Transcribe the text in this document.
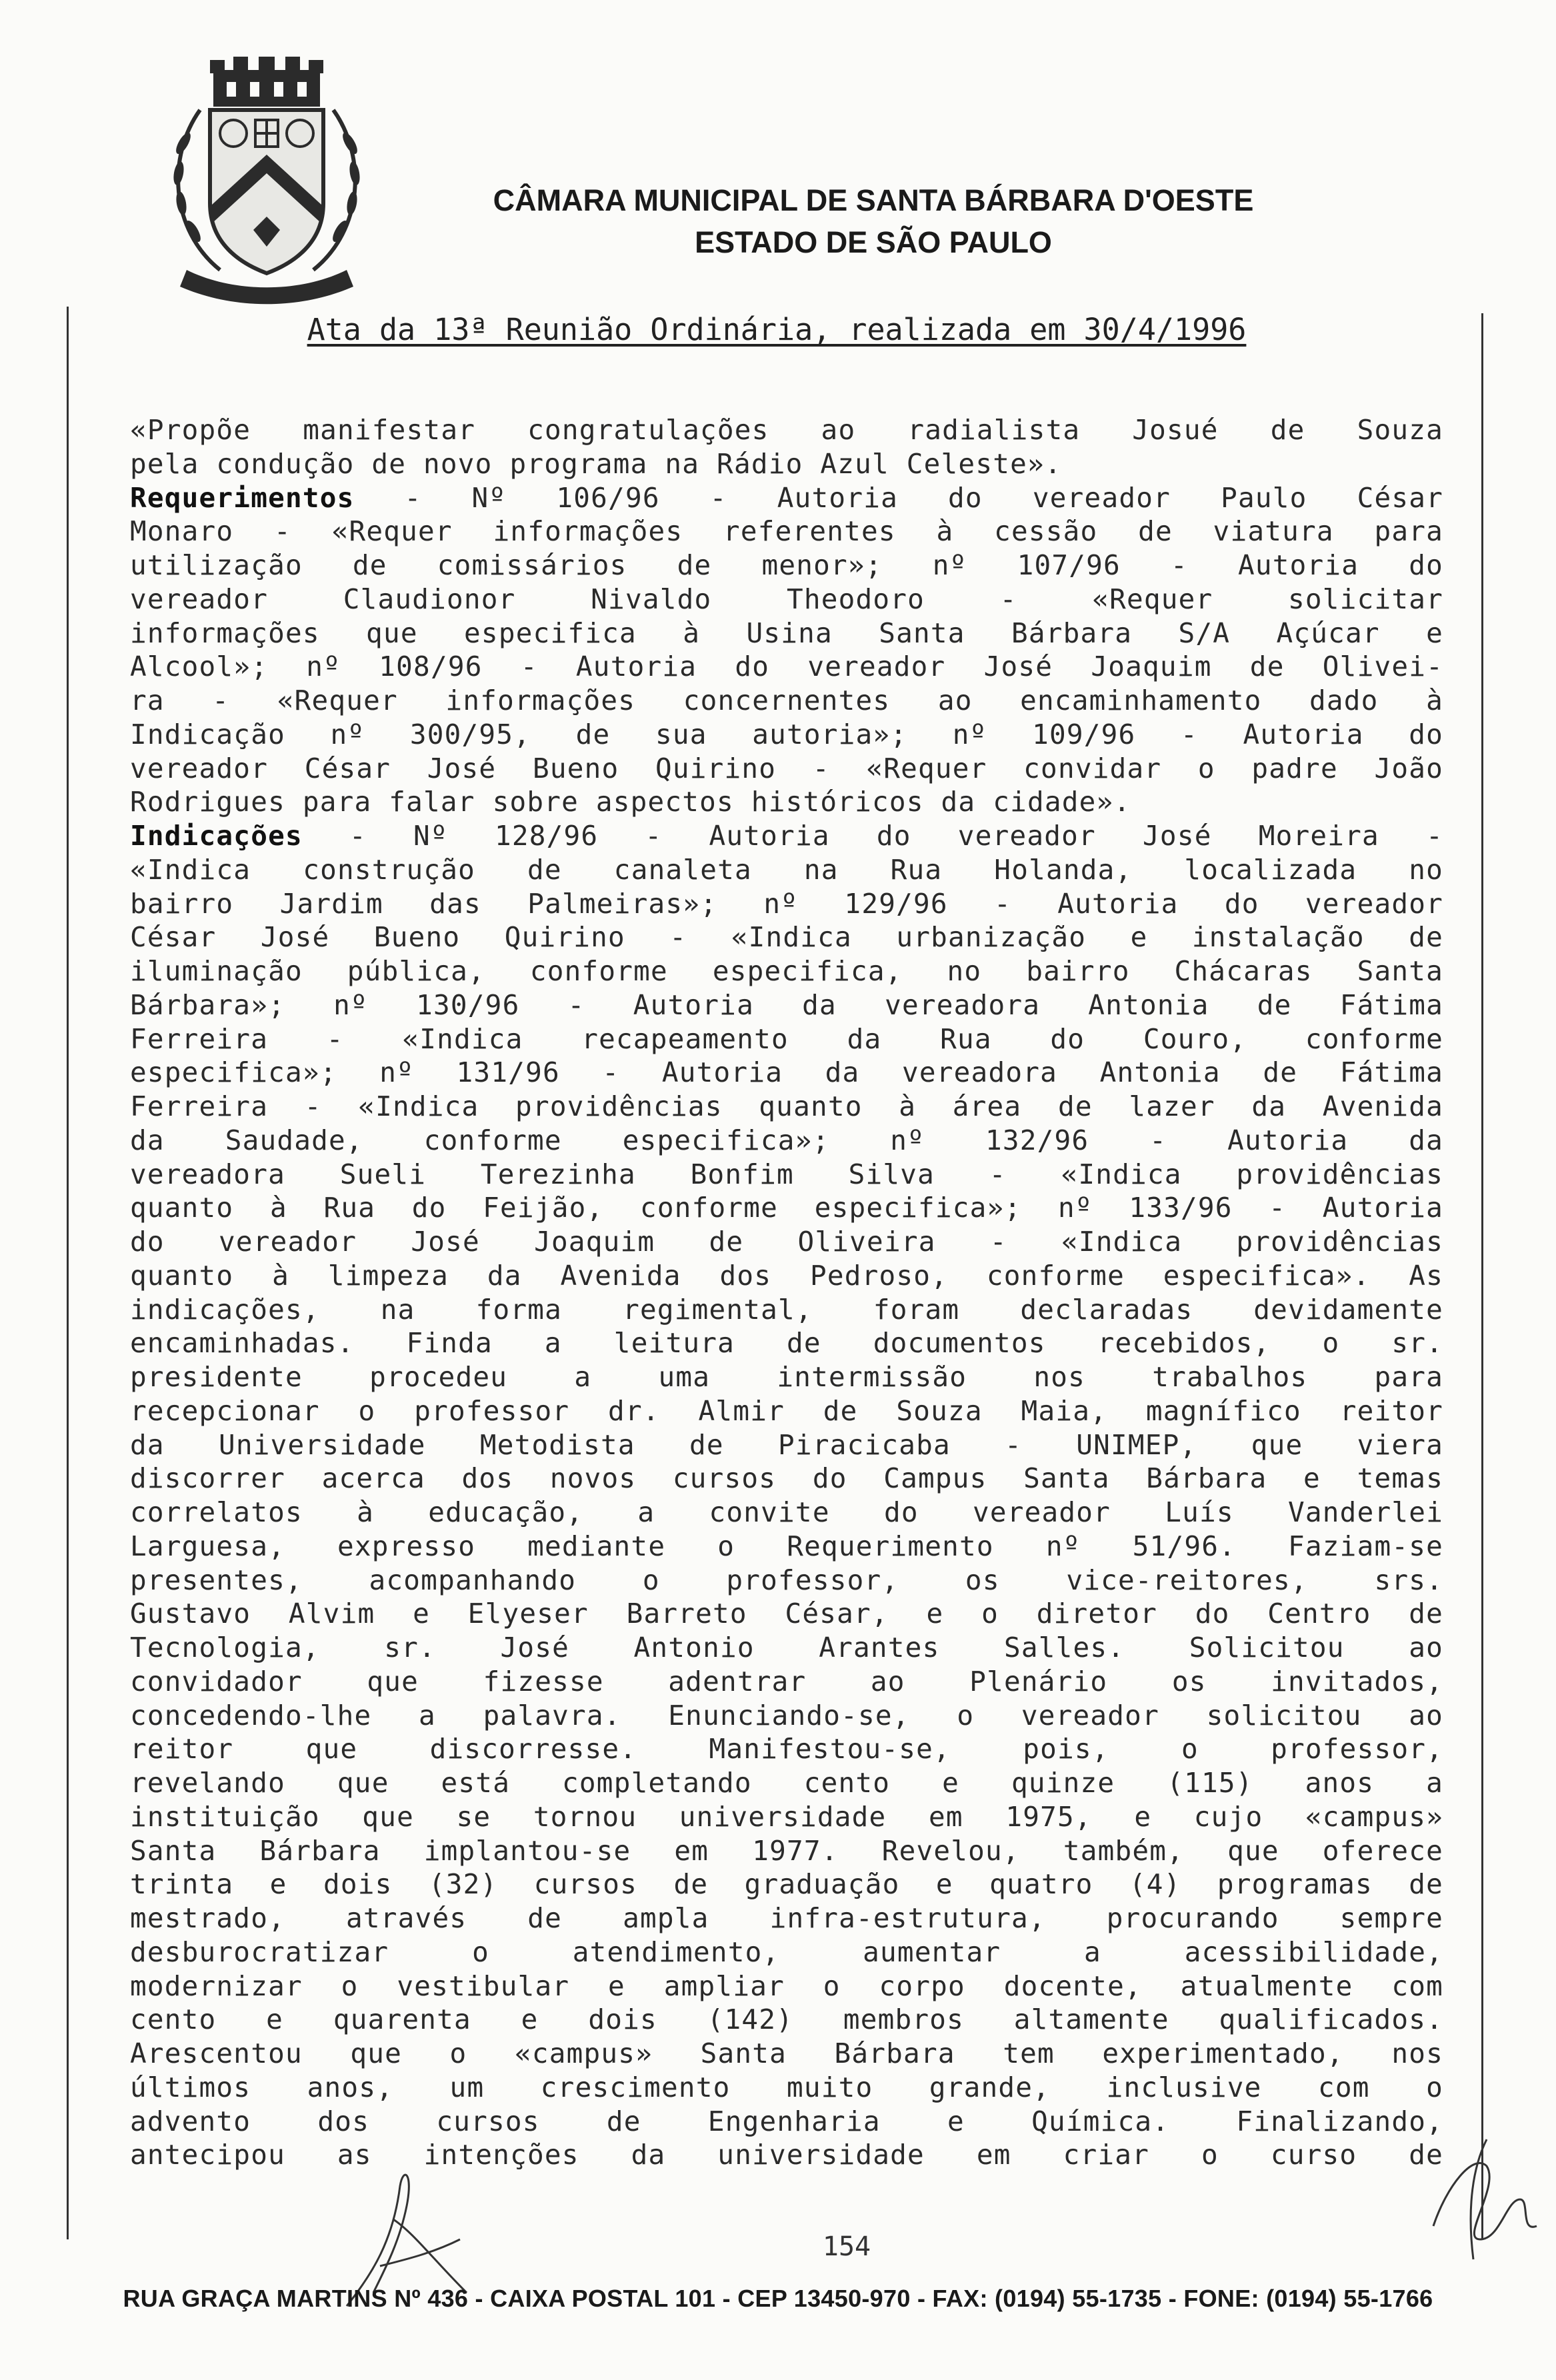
CÂMARA MUNICIPAL DE SANTA BÁRBARA D'OESTE
ESTADO DE SÃO PAULO
Ata da 13ª Reunião Ordinária, realizada em 30/4/1996
«Propõe manifestar congratulações ao radialista Josué de Souza
pela condução de novo programa na Rádio Azul Celeste».
Requerimentos - Nº 106/96 - Autoria do vereador Paulo César
Monaro - «Requer informações referentes à cessão de viatura para
utilização de comissários de menor»; nº 107/96 - Autoria do
vereador Claudionor Nivaldo Theodoro - «Requer solicitar
informações que especifica à Usina Santa Bárbara S/A Açúcar e
Alcool»; nº 108/96 - Autoria do vereador José Joaquim de Olivei-
ra - «Requer informações concernentes ao encaminhamento dado à
Indicação nº 300/95, de sua autoria»; nº 109/96 - Autoria do
vereador César José Bueno Quirino - «Requer convidar o padre João
Rodrigues para falar sobre aspectos históricos da cidade».
Indicações - Nº 128/96 - Autoria do vereador José Moreira -
«Indica construção de canaleta na Rua Holanda, localizada no
bairro Jardim das Palmeiras»; nº 129/96 - Autoria do vereador
César José Bueno Quirino - «Indica urbanização e instalação de
iluminação pública, conforme especifica, no bairro Chácaras Santa
Bárbara»; nº 130/96 - Autoria da vereadora Antonia de Fátima
Ferreira - «Indica recapeamento da Rua do Couro, conforme
especifica»; nº 131/96 - Autoria da vereadora Antonia de Fátima
Ferreira - «Indica providências quanto à área de lazer da Avenida
da Saudade, conforme especifica»; nº 132/96 - Autoria da
vereadora Sueli Terezinha Bonfim Silva - «Indica providências
quanto à Rua do Feijão, conforme especifica»; nº 133/96 - Autoria
do vereador José Joaquim de Oliveira - «Indica providências
quanto à limpeza da Avenida dos Pedroso, conforme especifica». As
indicações, na forma regimental, foram declaradas devidamente
encaminhadas. Finda a leitura de documentos recebidos, o sr.
presidente procedeu a uma intermissão nos trabalhos para
recepcionar o professor dr. Almir de Souza Maia, magnífico reitor
da Universidade Metodista de Piracicaba - UNIMEP, que viera
discorrer acerca dos novos cursos do Campus Santa Bárbara e temas
correlatos à educação, a convite do vereador Luís Vanderlei
Larguesa, expresso mediante o Requerimento nº 51/96. Faziam-se
presentes, acompanhando o professor, os vice-reitores, srs.
Gustavo Alvim e Elyeser Barreto César, e o diretor do Centro de
Tecnologia, sr. José Antonio Arantes Salles. Solicitou ao
convidador que fizesse adentrar ao Plenário os invitados,
concedendo-lhe a palavra. Enunciando-se, o vereador solicitou ao
reitor que discorresse. Manifestou-se, pois, o professor,
revelando que está completando cento e quinze (115) anos a
instituição que se tornou universidade em 1975, e cujo «campus»
Santa Bárbara implantou-se em 1977. Revelou, também, que oferece
trinta e dois (32) cursos de graduação e quatro (4) programas de
mestrado, através de ampla infra-estrutura, procurando sempre
desburocratizar o atendimento, aumentar a acessibilidade,
modernizar o vestibular e ampliar o corpo docente, atualmente com
cento e quarenta e dois (142) membros altamente qualificados.
Arescentou que o «campus» Santa Bárbara tem experimentado, nos
últimos anos, um crescimento muito grande, inclusive com o
advento dos cursos de Engenharia e Química. Finalizando,
antecipou as intenções da universidade em criar o curso de
154
RUA GRAÇA MARTINS Nº 436 - CAIXA POSTAL 101 - CEP 13450-970 - FAX: (0194) 55-1735 - FONE: (0194) 55-1766
